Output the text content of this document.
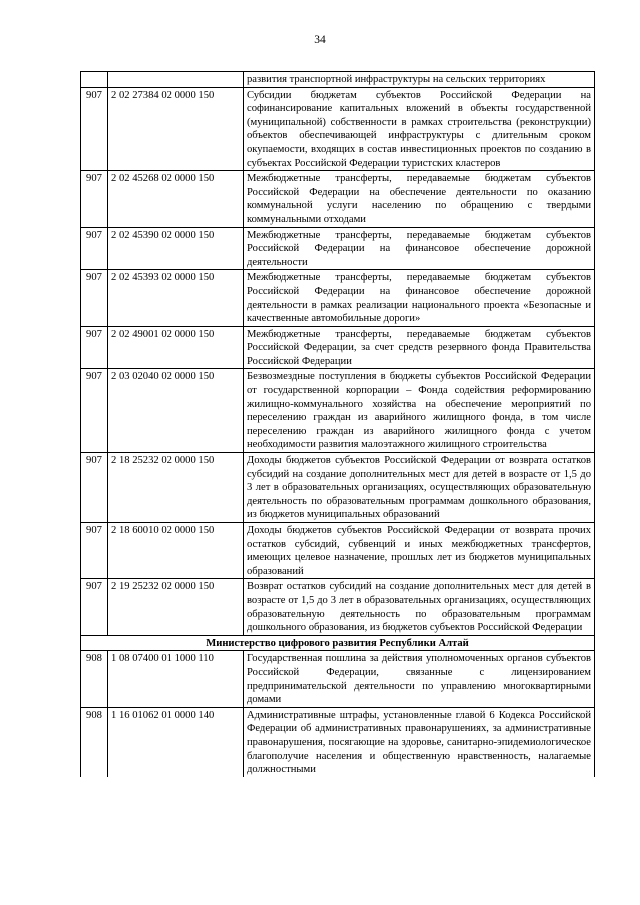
34
		развития транспортной инфраструктуры на сельских территориях
907	2 02 27384 02 0000 150	Субсидии бюджетам субъектов Российской Федерации на софинансирование капитальных вложений в объекты государственной (муниципальной) собственности в рамках строительства (реконструкции) объектов обеспечивающей инфраструктуры с длительным сроком окупаемости, входящих в состав инвестиционных проектов по созданию в субъектах Российской Федерации туристских кластеров
907	2 02 45268 02 0000 150	Межбюджетные трансферты, передаваемые бюджетам субъектов Российской Федерации на обеспечение деятельности по оказанию коммунальной услуги населению по обращению с твердыми коммунальными отходами
907	2 02 45390 02 0000 150	Межбюджетные трансферты, передаваемые бюджетам субъектов Российской Федерации на финансовое обеспечение дорожной деятельности
907	2 02 45393 02 0000 150	Межбюджетные трансферты, передаваемые бюджетам субъектов Российской Федерации на финансовое обеспечение дорожной деятельности в рамках реализации национального проекта «Безопасные и качественные автомобильные дороги»
907	2 02 49001 02 0000 150	Межбюджетные трансферты, передаваемые бюджетам субъектов Российской Федерации, за счет средств резервного фонда Правительства Российской Федерации
907	2 03 02040 02 0000 150	Безвозмездные поступления в бюджеты субъектов Российской Федерации от государственной корпорации – Фонда содействия реформированию жилищно-коммунального хозяйства на обеспечение мероприятий по переселению граждан из аварийного жилищного фонда, в том числе переселению граждан из аварийного жилищного фонда с учетом необходимости развития малоэтажного жилищного строительства
907	2 18 25232 02 0000 150	Доходы бюджетов субъектов Российской Федерации от возврата остатков субсидий на создание дополнительных мест для детей в возрасте от 1,5 до 3 лет в образовательных организациях, осуществляющих образовательную деятельность по образовательным программам дошкольного образования, из бюджетов муниципальных образований
907	2 18 60010 02 0000 150	Доходы бюджетов субъектов Российской Федерации от возврата прочих остатков субсидий, субвенций и иных межбюджетных трансфертов, имеющих целевое назначение, прошлых лет из бюджетов муниципальных образований
907	2 19 25232 02 0000 150	Возврат остатков субсидий на создание дополнительных мест для детей в возрасте от 1,5 до 3 лет в образовательных организациях, осуществляющих образовательную деятельность по образовательным программам дошкольного образования, из бюджетов субъектов Российской Федерации
Министерство цифрового развития Республики Алтай		
908	1 08 07400 01 1000 110	Государственная пошлина за действия уполномоченных органов субъектов Российской Федерации, связанные с лицензированием предпринимательской деятельности по управлению многоквартирными домами
908	1 16 01062 01 0000 140	Административные штрафы, установленные главой 6 Кодекса Российской Федерации об административных правонарушениях, за административные правонарушения, посягающие на здоровье, санитарно-эпидемиологическое благополучие населения и общественную нравственность, налагаемые должностными
